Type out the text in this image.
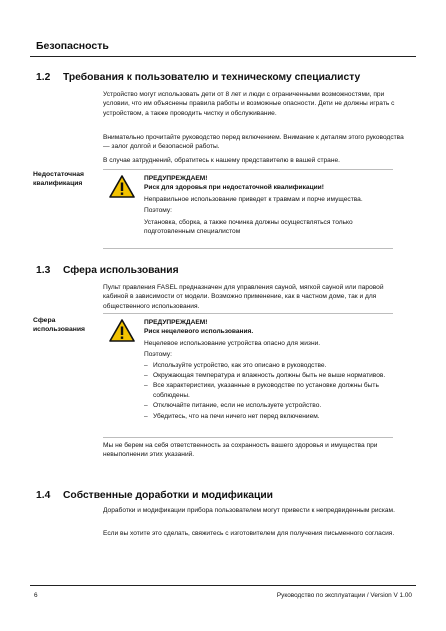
Безопасность
1.2 Требования к пользователю и техническому специалисту
Устройство могут использовать дети от 8 лет и люди с ограниченными возможностями, при условии, что им объяснены правила работы и возможные опасности. Дети не должны играть с устройством, а также проводить чистку и обслуживание.
Внимательно прочитайте руководство перед включением. Внимание к деталям этого руководства — залог долгой и безопасной работы.
В случае затруднений, обратитесь к нашему представителю в вашей стране.
Недостаточная квалификация
ПРЕДУПРЕЖДАЕМ!
Риск для здоровья при недостаточной квалификации!
Неправильное использование приведет к травмам и порче имущества.
Поэтому:
Установка, сборка, а также починка должны осуществляться только подготовленным специалистом
1.3 Сфера использования
Пульт правления FASEL предназначен для управления сауной, мягкой сауной или паровой кабиной в зависимости от модели. Возможно применение, как в частном доме, так и для общественного использования.
Сфера использования
ПРЕДУПРЕЖДАЕМ!
Риск нецелевого использования.
Нецелевое использование устройства опасно для жизни.
Поэтому:
– Используйте устройство, как это описано в руководстве.
– Окружающая температура и влажность должны быть не выше нормативов.
– Все характеристики, указанные в руководстве по установке должны быть соблюдены.
– Отключайте питание, если не используете устройство.
– Убедитесь, что на печи ничего нет перед включением.
Мы не берем на себя ответственность за сохранность вашего здоровья и имущества при невыполнении этих указаний.
1.4 Собственные доработки и модификации
Доработки и модификации прибора пользователем могут привести к непредвиденным рискам.
Если вы хотите это сделать, свяжитесь с изготовителем для получения письменного согласия.
6	Руководство по эксплуатации / Version V 1.00
